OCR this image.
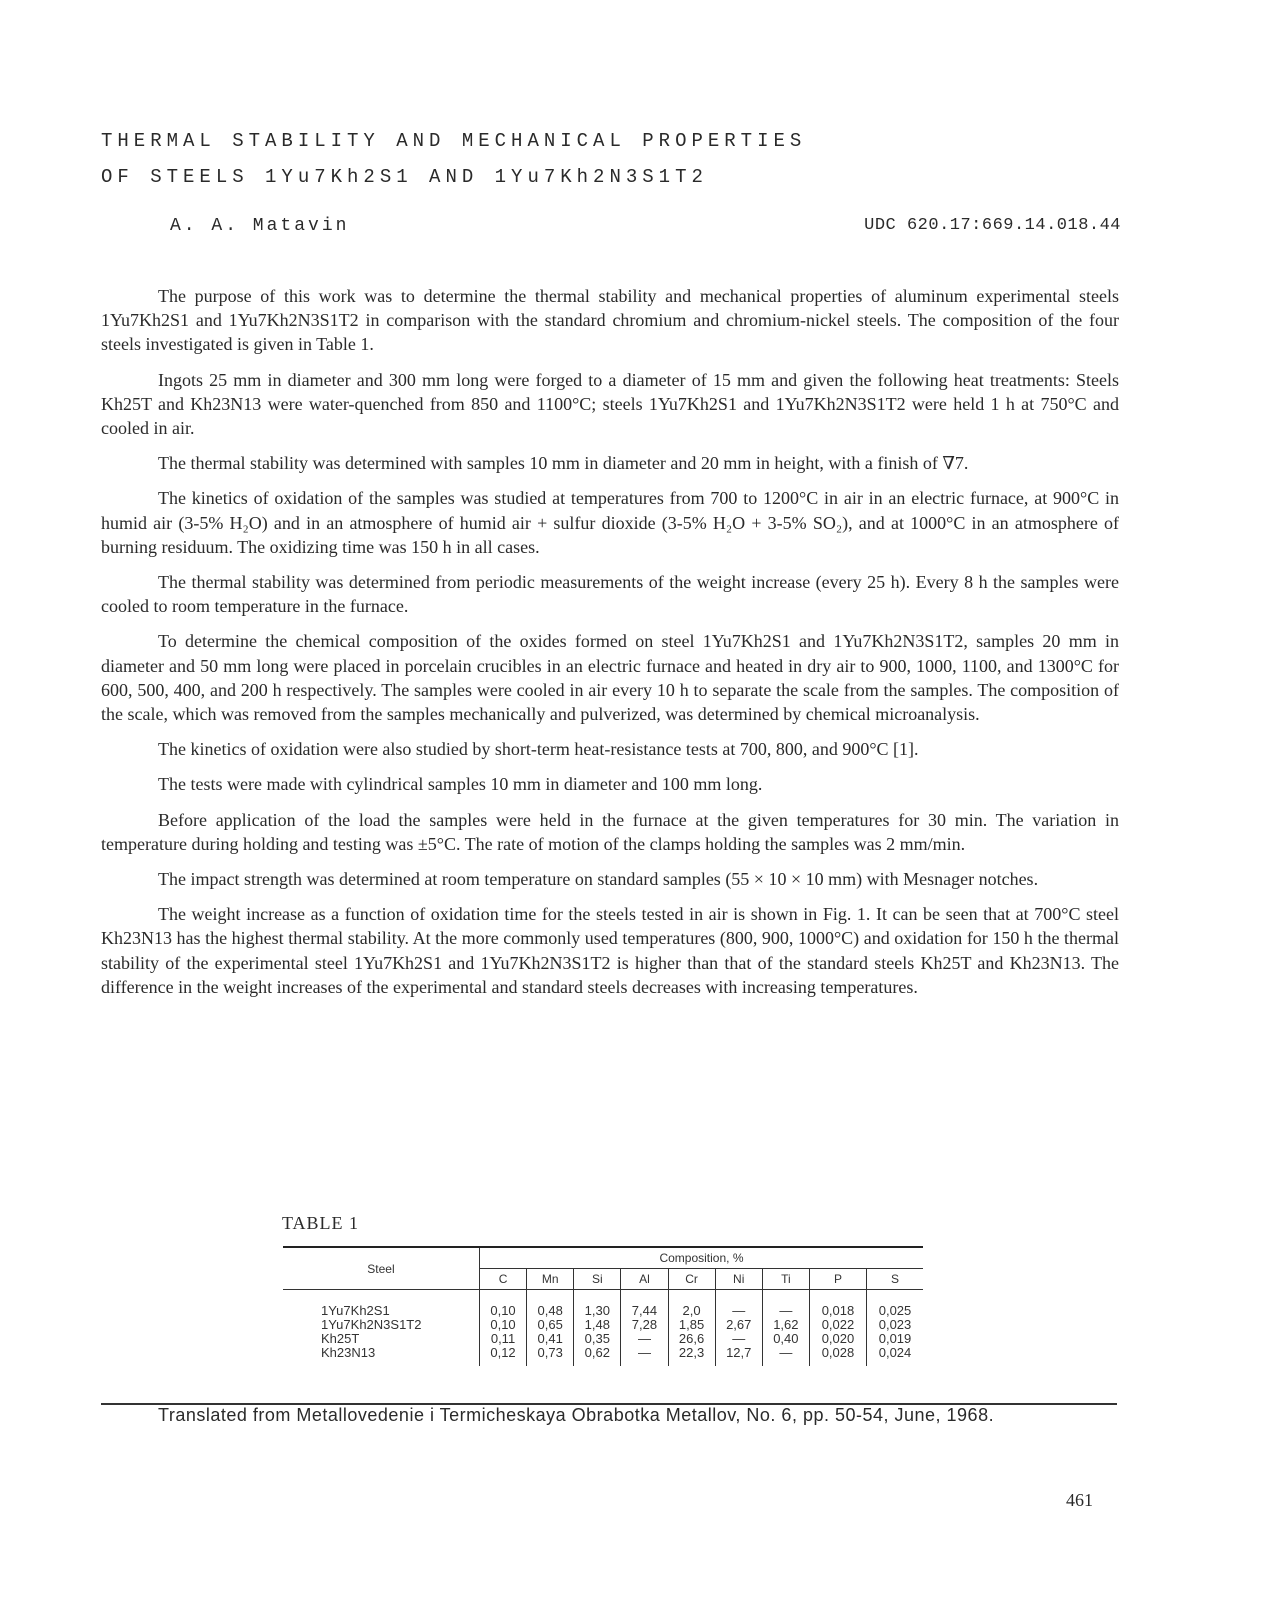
THERMAL STABILITY AND MECHANICAL PROPERTIES
OF STEELS 1Yu7Kh2S1 AND 1Yu7Kh2N3S1T2
A. A. Matavin	UDC 620.17:669.14.018.44

The purpose of this work was to determine the thermal stability and mechanical properties of aluminum experimental steels 1Yu7Kh2S1 and 1Yu7Kh2N3S1T2 in comparison with the standard chromium and chromium-nickel steels. The composition of the four steels investigated is given in Table 1.

Ingots 25 mm in diameter and 300 mm long were forged to a diameter of 15 mm and given the following heat treatments: Steels Kh25T and Kh23N13 were water-quenched from 850 and 1100°C; steels 1Yu7Kh2S1 and 1Yu7Kh2N3S1T2 were held 1 h at 750°C and cooled in air.

The thermal stability was determined with samples 10 mm in diameter and 20 mm in height, with a finish of ∇7.

The kinetics of oxidation of the samples was studied at temperatures from 700 to 1200°C in air in an electric furnace, at 900°C in humid air (3-5% H₂O) and in an atmosphere of humid air + sulfur dioxide (3-5% H₂O + 3-5% SO₂), and at 1000°C in an atmosphere of burning residuum. The oxidizing time was 150 h in all cases.

The thermal stability was determined from periodic measurements of the weight increase (every 25 h). Every 8 h the samples were cooled to room temperature in the furnace.

To determine the chemical composition of the oxides formed on steel 1Yu7Kh2S1 and 1Yu7Kh2N3S1T2, samples 20 mm in diameter and 50 mm long were placed in porcelain crucibles in an electric furnace and heated in dry air to 900, 1000, 1100, and 1300°C for 600, 500, 400, and 200 h respectively. The samples were cooled in air every 10 h to separate the scale from the samples. The composition of the scale, which was removed from the samples mechanically and pulverized, was determined by chemical microanalysis.

The kinetics of oxidation were also studied by short-term heat-resistance tests at 700, 800, and 900°C [1].

The tests were made with cylindrical samples 10 mm in diameter and 100 mm long.

Before application of the load the samples were held in the furnace at the given temperatures for 30 min. The variation in temperature during holding and testing was ±5°C. The rate of motion of the clamps holding the samples was 2 mm/min.

The impact strength was determined at room temperature on standard samples (55 × 10 × 10 mm) with Mesnager notches.

The weight increase as a function of oxidation time for the steels tested in air is shown in Fig. 1. It can be seen that at 700°C steel Kh23N13 has the highest thermal stability. At the more commonly used temperatures (800, 900, 1000°C) and oxidation for 150 h the thermal stability of the experimental steel 1Yu7Kh2S1 and 1Yu7Kh2N3S1T2 is higher than that of the standard steels Kh25T and Kh23N13. The difference in the weight increases of the experimental and standard steels decreases with increasing temperatures.

TABLE 1
Steel	Composition, %								
	C	Mn	Si	Al	Cr	Ni	Ti	P	S
1Yu7Kh2S1	0,10	0,48	1,30	7,44	2,0	—	—	0,018	0,025
1Yu7Kh2N3S1T2	0,10	0,65	1,48	7,28	1,85	2,67	1,62	0,022	0,023
Kh25T	0,11	0,41	0,35	—	26,6	—	0,40	0,020	0,019
Kh23N13	0,12	0,73	0,62	—	22,3	12,7	—	0,028	0,024
Translated from Metallovedenie i Termicheskaya Obrabotka Metallov, No. 6, pp. 50-54, June, 1968.
461
